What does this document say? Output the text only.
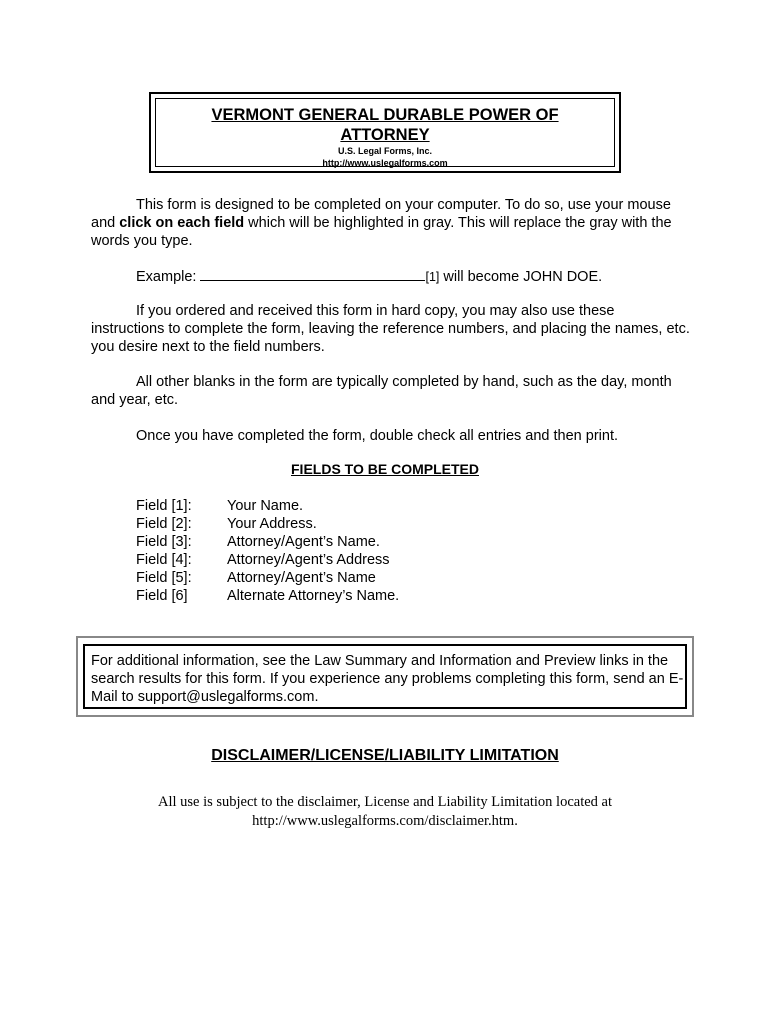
VERMONT GENERAL DURABLE POWER OF ATTORNEY
U.S. Legal Forms, Inc.
http://www.uslegalforms.com
This form is designed to be completed on your computer. To do so, use your mouse and click on each field which will be highlighted in gray. This will replace the gray with the words you type.
Example:	[1] will become JOHN DOE.
If you ordered and received this form in hard copy, you may also use these instructions to complete the form, leaving the reference numbers, and placing the names, etc. you desire next to the field numbers.
All other blanks in the form are typically completed by hand, such as the day, month and year, etc.
Once you have completed the form, double check all entries and then print.
FIELDS TO BE COMPLETED
Field [1]:	Your Name.
Field [2]:	Your Address.
Field [3]:	Attorney/Agent’s Name.
Field [4]:	Attorney/Agent’s Address
Field [5]:	Attorney/Agent’s Name
Field [6]	Alternate Attorney’s Name.
For additional information, see the Law Summary and Information and Preview links in the search results for this form. If you experience any problems completing this form, send an E-Mail to support@uslegalforms.com.
DISCLAIMER/LICENSE/LIABILITY LIMITATION
All use is subject to the disclaimer, License and Liability Limitation located at
http://www.uslegalforms.com/disclaimer.htm.
